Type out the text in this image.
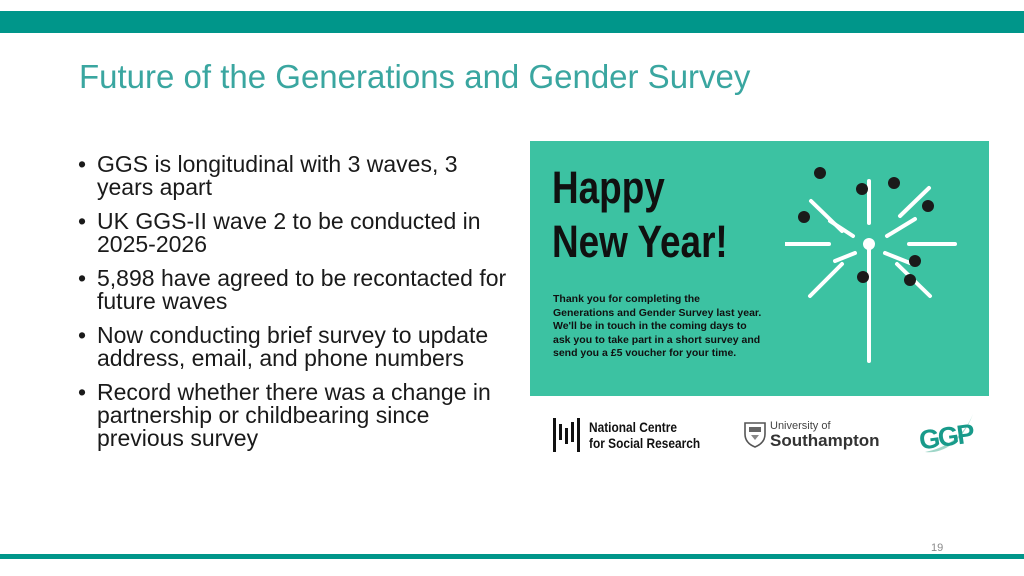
Future of the Generations and Gender Survey
• GGS is longitudinal with 3 waves, 3 years apart
• UK GGS-II wave 2 to be conducted in 2025-2026
• 5,898 have agreed to be recontacted for future waves
• Now conducting brief survey to update address, email, and phone numbers
• Record whether there was a change in partnership or childbearing since previous survey
Happy
New Year!
Thank you for completing the Generations and Gender Survey last year. We'll be in touch in the coming days to ask you to take part in a short survey and send you a £5 voucher for your time.
National Centre
for Social Research
University of
Southampton GGP
19
